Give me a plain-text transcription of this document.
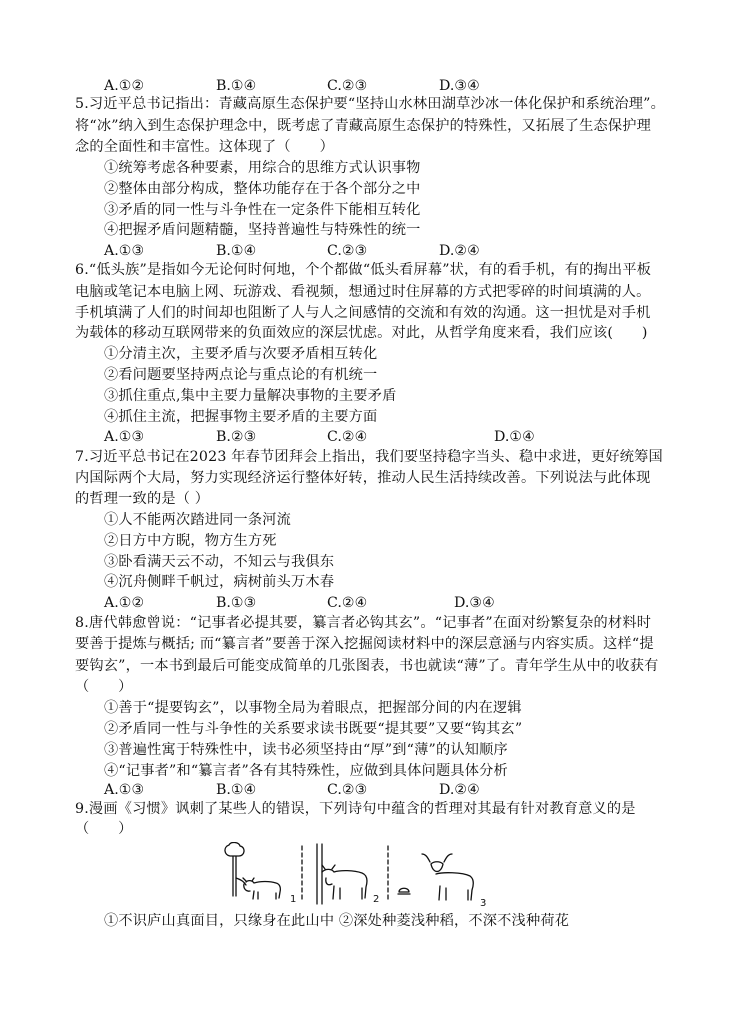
A.①②	B.①④	C.②③	D.③④
5.习近平总书记指出：青藏高原生态保护要“坚持山水林田湖草沙冰一体化保护和系统治理”。
将“冰”纳入到生态保护理念中，既考虑了青藏高原生态保护的特殊性，又拓展了生态保护理
念的全面性和丰富性。这体现了（　　）
①统筹考虑各种要素，用综合的思维方式认识事物
②整体由部分构成，整体功能存在于各个部分之中
③矛盾的同一性与斗争性在一定条件下能相互转化
④把握矛盾问题精髓，坚持普遍性与特殊性的统一
A.①③	B.①④	C.②③	D.②④
6.“低头族”是指如今无论何时何地，个个都做“低头看屏幕”状，有的看手机，有的掏出平板
电脑或笔记本电脑上网、玩游戏、看视频，想通过时住屏幕的方式把零碎的时间填满的人。
手机填满了人们的时间却也阻断了人与人之间感情的交流和有效的沟通。这一担忧是对手机
为载体的移动互联网带来的负面效应的深层忧虑。对此，从哲学角度来看，我们应该(　　)
①分清主次，主要矛盾与次要矛盾相互转化
②看问题要坚持两点论与重点论的有机统一
③抓住重点,集中主要力量解决事物的主要矛盾
④抓住主流，把握事物主要矛盾的主要方面
A.①③	B.②③	C.②④	D.①④
7.习近平总书记在2023 年春节团拜会上指出，我们要坚持稳字当头、稳中求进，更好统筹国
内国际两个大局，努力实现经济运行整体好转，推动人民生活持续改善。下列说法与此体现
的哲理一致的是（ ）
①人不能两次踏进同一条河流
②日方中方睨，物方生方死
③卧看满天云不动，不知云与我俱东
④沉舟侧畔千帆过，病树前头万木春
A.①②	B.①③	C.②④	D.③④
8.唐代韩愈曾说：“记事者必提其要，纂言者必钩其玄”。“记事者”在面对纷繁复杂的材料时
要善于提炼与概括; 而“纂言者”要善于深入挖掘阅读材料中的深层意涵与内容实质。这样“提
要钩玄”，一本书到最后可能变成简单的几张图表，书也就读“薄”了。青年学生从中的收获有
（　　）
①善于“提要钩玄”，以事物全局为着眼点，把握部分间的内在逻辑
②矛盾同一性与斗争性的关系要求读书既要“提其要”又要“钩其玄”
③普遍性寓于特殊性中，读书必须坚持由“厚”到“薄”的认知顺序
④“记事者”和“纂言者”各有其特殊性，应做到具体问题具体分析
A.①③	B.①④	C.②③	D.②④
9.漫画《习惯》讽刺了某些人的错误，下列诗句中蕴含的哲理对其最有针对教育意义的是
（　　）
1	2	3
①不识庐山真面目，只缘身在此山中 ②深处种菱浅种稻，不深不浅种荷花
